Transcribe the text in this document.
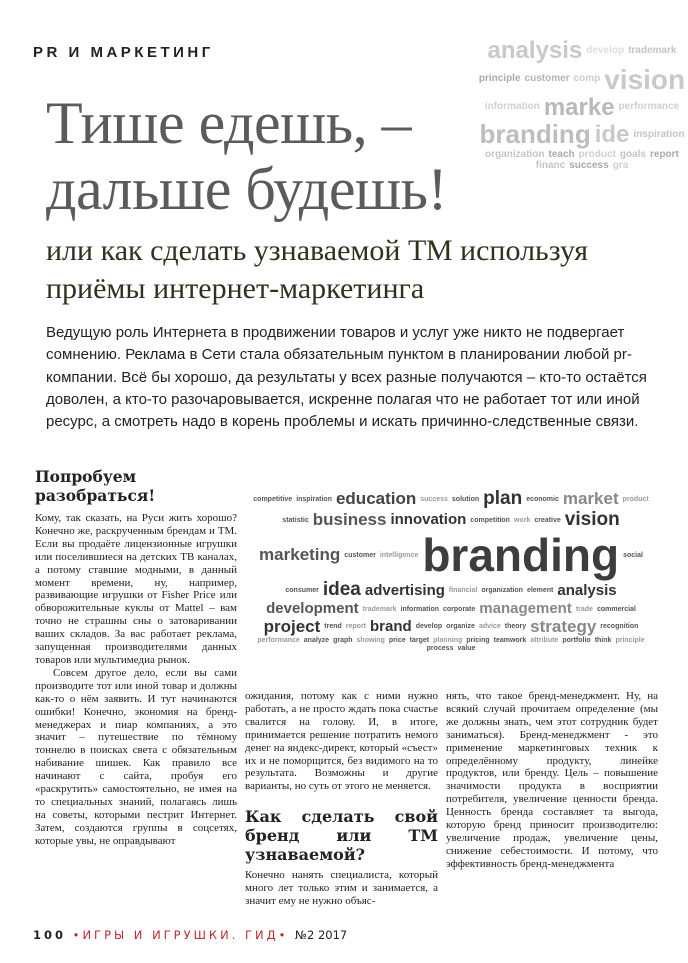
analysis develop trademark
principle customer comp vision
information marke performance
branding ide inspiration
organization teach product goals report
financ success gra
PR И МАРКЕТИНГ
Тише едешь, –
дальше будешь!
или как сделать узнаваемой ТМ используя
приёмы интернет-маркетинга

Ведущую роль Интернета в продвижении товаров и услуг уже никто не подвергает сомнению. Реклама в Сети стала обязательным пунктом в планировании любой pr-компании. Всё бы хорошо, да результаты у всех разные получаются – кто-то остаётся доволен, а кто-то разочаровывается, искренне полагая что не работает тот или иной ресурс, а смотреть надо в корень проблемы и искать причинно-следственные связи.

Попробуем разобраться!

Кому, так сказать, на Руси жить хорошо? Конечно же, раскрученным брендам и ТМ. Если вы продаёте лицензионные игрушки или поселившиеся на детских ТВ каналах, а потому ставшие модными, в данный момент времени, ну, например, развивающие игрушки от Fisher Price или обворожительные куклы от Mattel – вам точно не страшны сны о затоваривании ваших складов. За вас работает реклама, запущенная производителями данных товаров или мультимедиа рынок.

Совсем другое дело, если вы сами производите тот или иной товар и должны как-то о нём заявить. И тут начинаются ошибки! Конечно, экономия на бренд-менеджерах и пиар компаниях, а это значит – путешествие по тёмному тоннелю в поисках света с обязательным набивание шишек. Как правило все начинают с сайта, пробуя его «раскрутить» самостоятельно, не имея на то специальных знаний, полагаясь лишь на советы, которыми пестрит Интернет. Затем, создаются группы в соцсетях, которые увы, не оправдывают

competitive inspiration education success solution plan economic market product
statistic business innovation competition work creative vision
marketing customer intelligence branding social
consumer idea advertising financial organization element analysis
development trademark information corporate management trade commercial
project trend report brand develop organize advice theory strategy recognition
performance analyze graph showing price target planning pricing teamwork attribute portfolio think principle
process value

ожидания, потому как с ними нужно работать, а не просто ждать пока счастье свалится на голову. И, в итоге, принимается решение потратить немого денег на яндекс-директ, который «съест» их и не поморщится, без видимого на то результата. Возможны и другие варианты, но суть от этого не меняется.

Как сделать свой бренд или ТМ узнаваемой?

Конечно нанять специалиста, который много лет только этим и занимается, а значит ему не нужно объяс-

нять, что такое бренд-менеджмент. Ну, на всякий случай прочитаем определение (мы же должны знать, чем этот сотрудник будет заниматься). Бренд-менеджмент - это применение маркетинговых техник к определённому продукту, линейке продуктов, или бренду. Цель – повышение значимости продукта в восприятии потребителя, увеличение ценности бренда. Ценность бренда составляет та выгода, которую бренд приносит производителю: увеличение продаж, увеличение цены, снижение себестоимости. И потому, что эффективность бренд-менеджмента

100 •ИГРЫ И ИГРУШКИ. ГИД• №2 2017
